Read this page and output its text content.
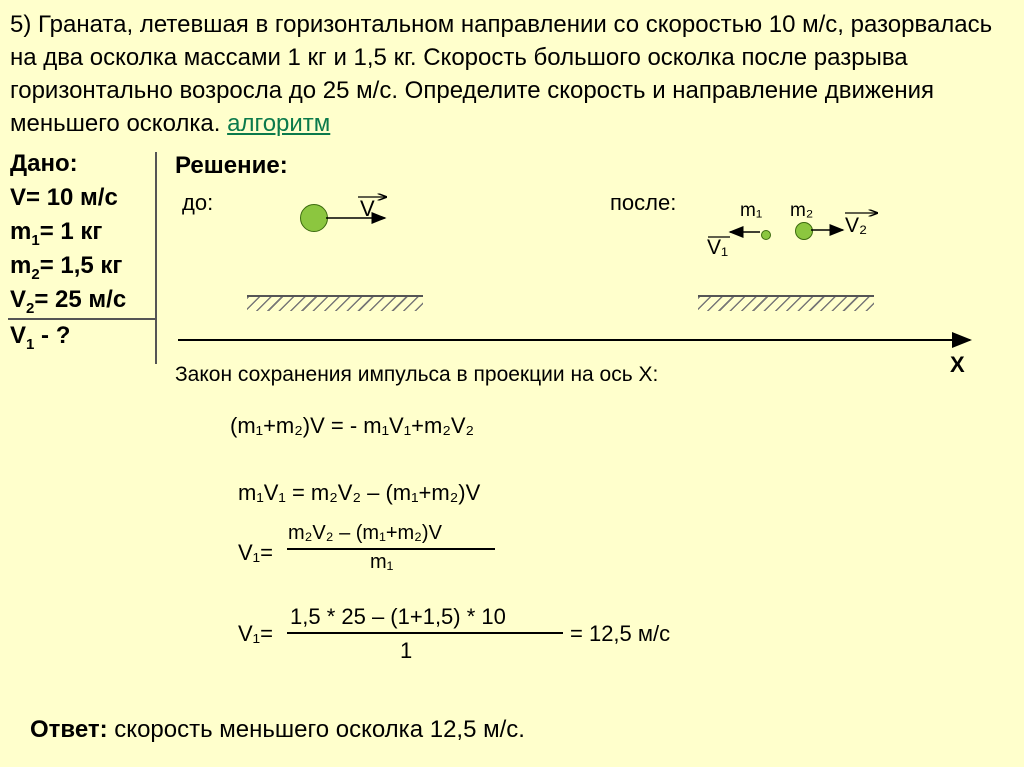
5) Граната, летевшая в горизонтальном направлении со скоростью 10 м/с, разорвалась на два осколка массами 1 кг и 1,5 кг. Скорость большого осколка после разрыва горизонтально возросла до 25 м/с. Определите скорость и направление движения меньшего осколка. алгоритм
Дано:
V= 10 м/с
$m_1= 1$ кг
$m_2= 1,5$ кг
$V_2= 25$ м/с
$V_1$ - ?
Решение:
до:	V	после:	m₁ m₂
V₁
V₂
X
Закон сохранения импульса в проекции на ось Х:
(m₁+m₂)V = - m₁V₁+m₂V₂
m₁V₁ = m₂V₂ – (m₁+m₂)V
V₁=
m₂V₂ – (m₁+m₂)V
m₁
V₁=
1,5 * 25 – (1+1,5) * 10
1
= 12,5 м/с
Ответ: скорость меньшего осколка 12,5 м/с.
